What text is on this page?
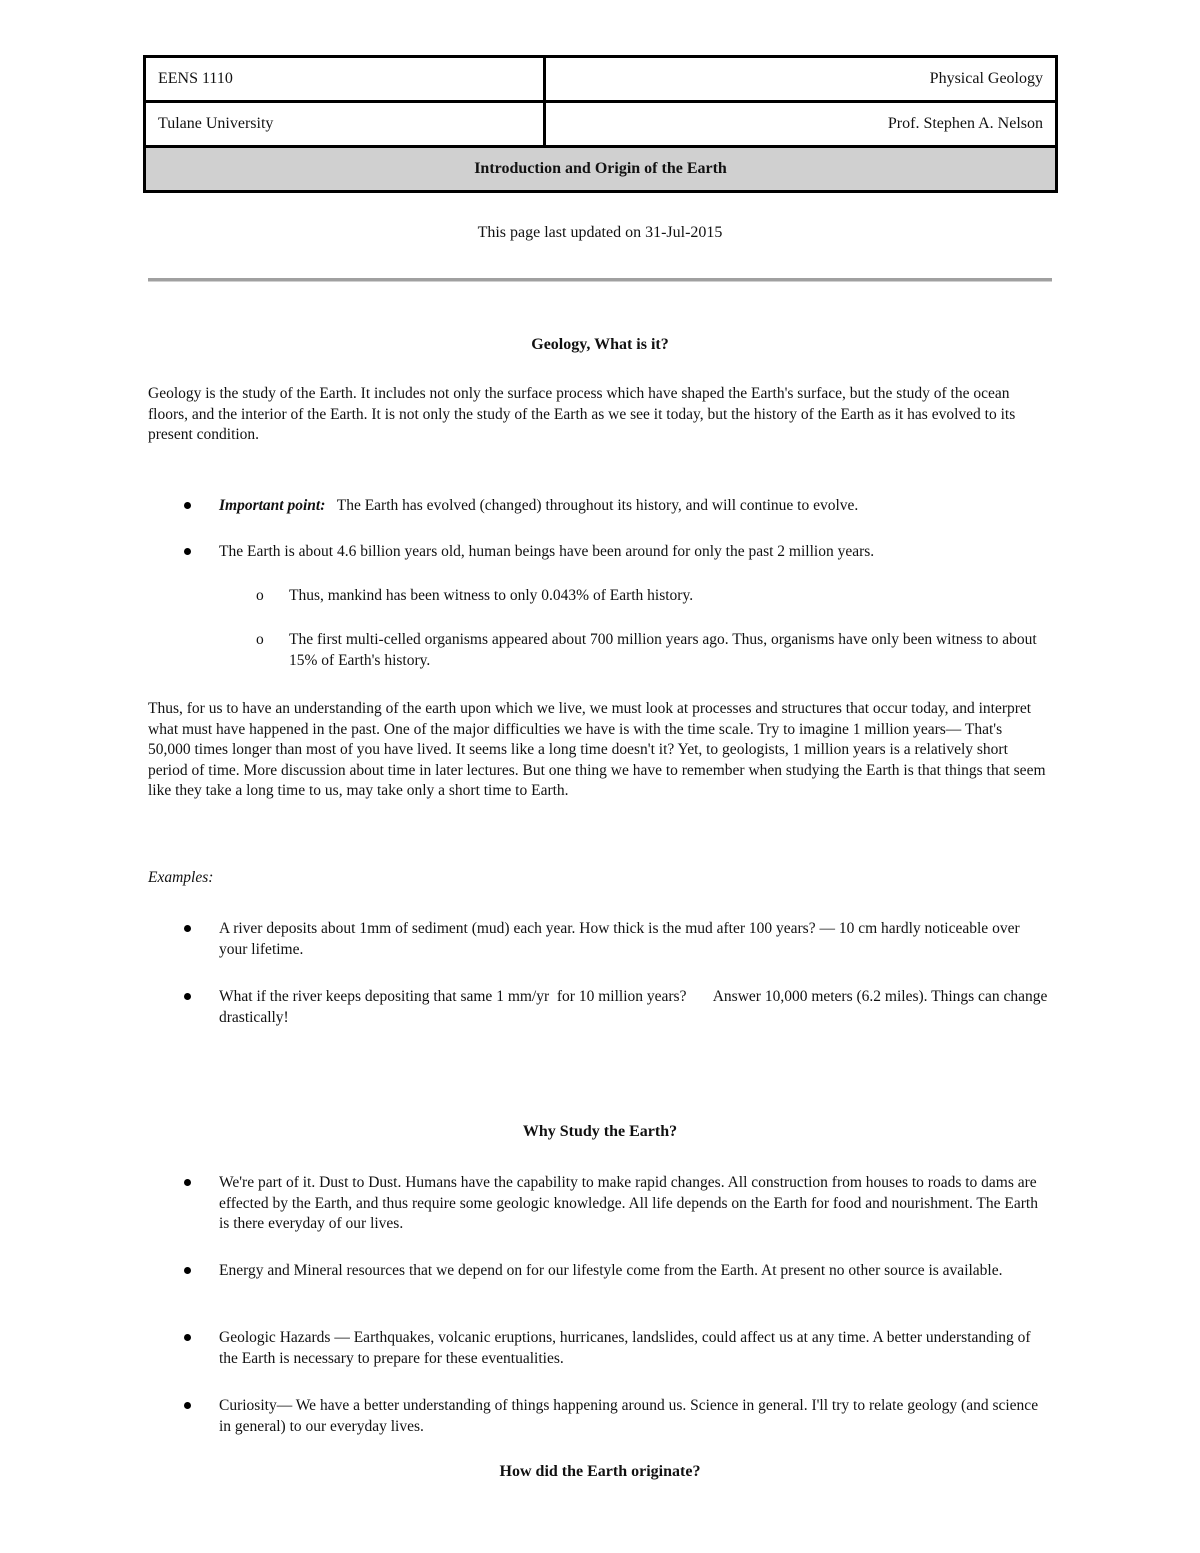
EENS 1110	Physical Geology
Tulane University	Prof. Stephen A. Nelson
Introduction and Origin of the Earth	
This page last updated on 31-Jul-2015
Geology, What is it?

Geology is the study of the Earth. It includes not only the surface process which have shaped the Earth's surface, but the study of the ocean floors, and the interior of the Earth. It is not only the study of the Earth as we see it today, but the history of the Earth as it has evolved to its present condition.

Important point: The Earth has evolved (changed) throughout its history, and will continue to evolve.

The Earth is about 4.6 billion years old, human beings have been around for only the past 2 million years.

o Thus, mankind has been witness to only 0.043% of Earth history.

o The first multi-celled organisms appeared about 700 million years ago. Thus, organisms have only been witness to about 15% of Earth's history.

Thus, for us to have an understanding of the earth upon which we live, we must look at processes and structures that occur today, and interpret what must have happened in the past. One of the major difficulties we have is with the time scale. Try to imagine 1 million years— That's 50,000 times longer than most of you have lived. It seems like a long time doesn't it? Yet, to geologists, 1 million years is a relatively short period of time. More discussion about time in later lectures. But one thing we have to remember when studying the Earth is that things that seem like they take a long time to us, may take only a short time to Earth.

Examples:

A river deposits about 1mm of sediment (mud) each year. How thick is the mud after 100 years? — 10 cm hardly noticeable over your lifetime.

What if the river keeps depositing that same 1 mm/yr  for 10 million years?       Answer 10,000 meters (6.2 miles). Things can change drastically!

Why Study the Earth?

We're part of it. Dust to Dust. Humans have the capability to make rapid changes. All construction from houses to roads to dams are effected by the Earth, and thus require some geologic knowledge. All life depends on the Earth for food and nourishment. The Earth is there everyday of our lives.

Energy and Mineral resources that we depend on for our lifestyle come from the Earth. At present no other source is available.

Geologic Hazards — Earthquakes, volcanic eruptions, hurricanes, landslides, could affect us at any time. A better understanding of the Earth is necessary to prepare for these eventualities.

Curiosity— We have a better understanding of things happening around us. Science in general. I'll try to relate geology (and science in general) to our everyday lives.

How did the Earth originate?
